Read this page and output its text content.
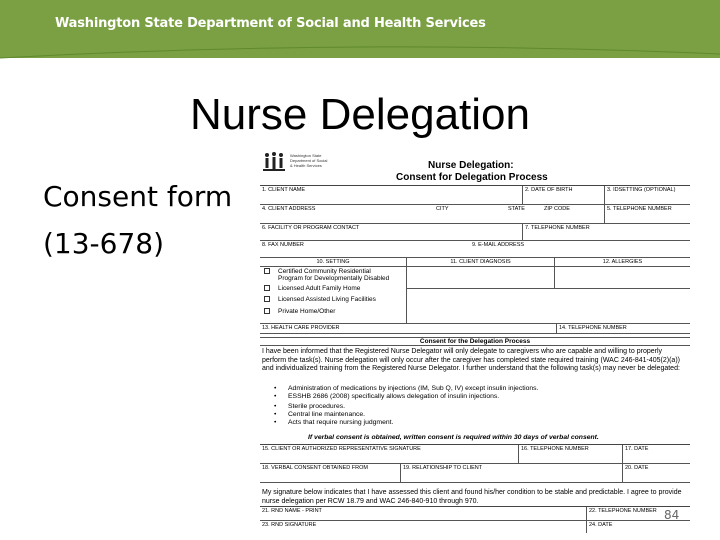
Washington State Department of Social and Health Services
Nurse Delegation
Consent form
(13-678)
Washington State
Department of Social
& Health Services	Nurse Delegation:
Consent for Delegation Process
1. CLIENT NAME	2. DATE OF BIRTH	3. IDSETTING (OPTIONAL)
4. CLIENT ADDRESS	CITY	STATE	ZIP CODE	5. TELEPHONE NUMBER
6. FACILITY OR PROGRAM CONTACT	7. TELEPHONE NUMBER
8. FAX NUMBER	9. E-MAIL ADDRESS
10. SETTING	11. CLIENT DIAGNOSIS	12. ALLERGIES
Certified Community Residential
Program for Developmentally Disabled
Licensed Adult Family Home
Licensed Assisted Living Facilities
Private Home/Other
13. HEALTH CARE PROVIDER	14. TELEPHONE NUMBER
Consent for the Delegation Process
I have been informed that the Registered Nurse Delegator will only delegate to caregivers who are capable and willing to properly perform the task(s). Nurse delegation will only occur after the caregiver has completed state required training (WAC 246-841-405(2)(a)) and individualized training from the Registered Nurse Delegator. I further understand that the following task(s) may never be delegated:
• Administration of medications by injections (IM, Sub Q, IV) except insulin injections.
• ESSHB 2686 (2008) specifically allows delegation of insulin injections.
• Sterile procedures.
• Central line maintenance.
• Acts that require nursing judgment.
If verbal consent is obtained, written consent is required within 30 days of verbal consent.
15. CLIENT OR AUTHORIZED REPRESENTATIVE SIGNATURE	16. TELEPHONE NUMBER	17. DATE
18. VERBAL CONSENT OBTAINED FROM	19. RELATIONSHIP TO CLIENT	20. DATE
My signature below indicates that I have assessed this client and found his/her condition to be stable and predictable. I agree to provide nurse delegation per RCW 18.79 and WAC 246-840-910 through 970.
21. RND NAME - PRINT	22. TELEPHONE NUMBER
23. RND SIGNATURE	24. DATE
84
